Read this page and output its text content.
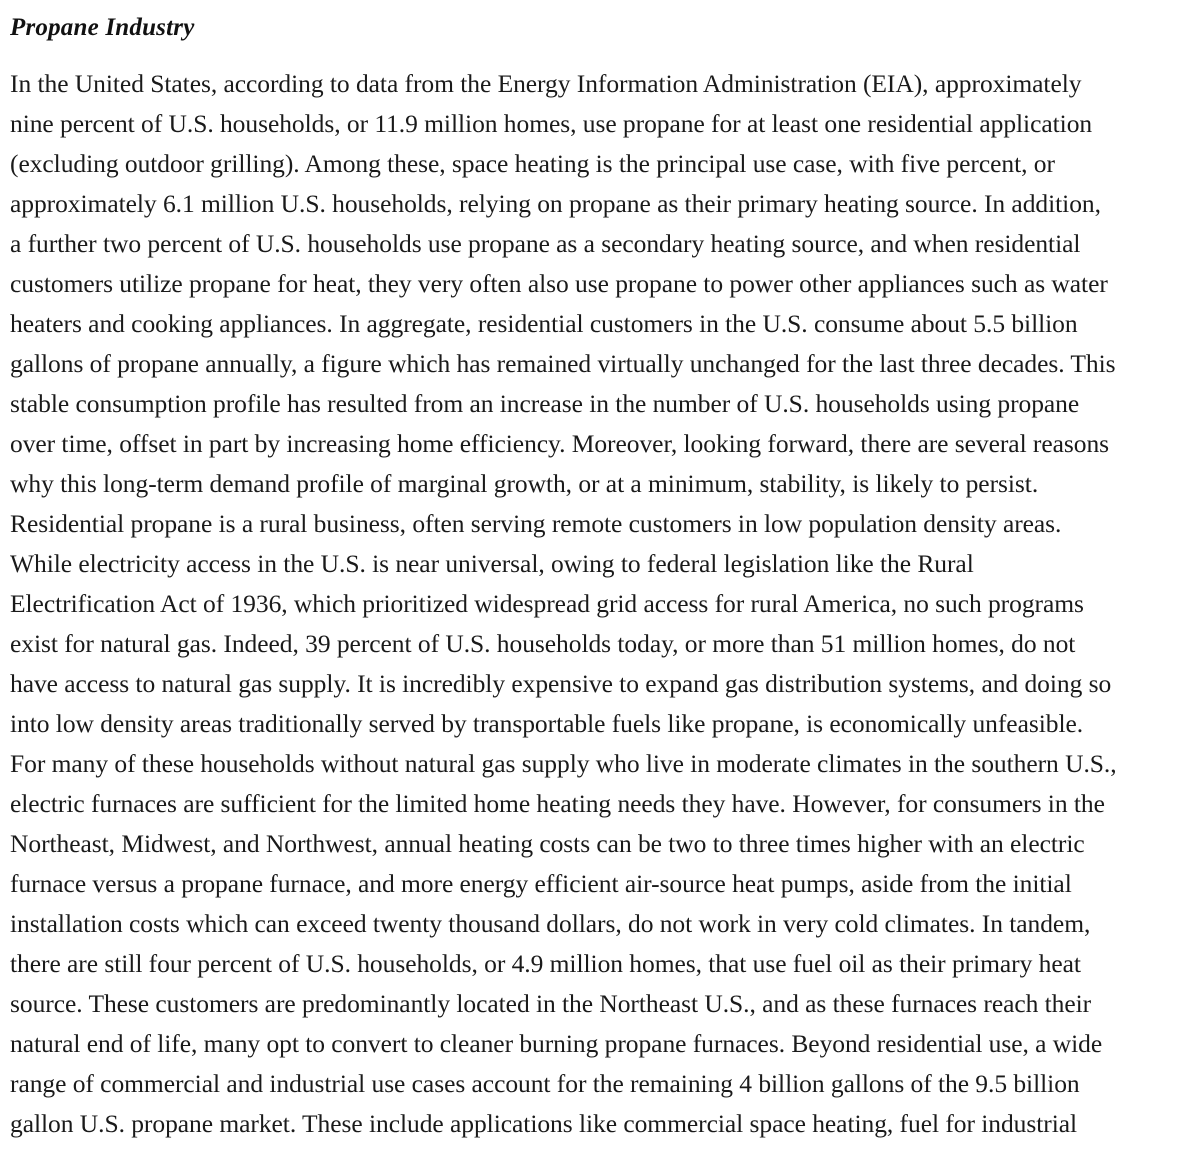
Propane Industry
In the United States, according to data from the Energy Information Administration (EIA), approximately
nine percent of U.S. households, or 11.9 million homes, use propane for at least one residential application
(excluding outdoor grilling). Among these, space heating is the principal use case, with five percent, or
approximately 6.1 million U.S. households, relying on propane as their primary heating source. In addition,
a further two percent of U.S. households use propane as a secondary heating source, and when residential
customers utilize propane for heat, they very often also use propane to power other appliances such as water
heaters and cooking appliances. In aggregate, residential customers in the U.S. consume about 5.5 billion
gallons of propane annually, a figure which has remained virtually unchanged for the last three decades. This
stable consumption profile has resulted from an increase in the number of U.S. households using propane
over time, offset in part by increasing home efficiency. Moreover, looking forward, there are several reasons
why this long-term demand profile of marginal growth, or at a minimum, stability, is likely to persist.
Residential propane is a rural business, often serving remote customers in low population density areas.
While electricity access in the U.S. is near universal, owing to federal legislation like the Rural
Electrification Act of 1936, which prioritized widespread grid access for rural America, no such programs
exist for natural gas. Indeed, 39 percent of U.S. households today, or more than 51 million homes, do not
have access to natural gas supply. It is incredibly expensive to expand gas distribution systems, and doing so
into low density areas traditionally served by transportable fuels like propane, is economically unfeasible.
For many of these households without natural gas supply who live in moderate climates in the southern U.S.,
electric furnaces are sufficient for the limited home heating needs they have. However, for consumers in the
Northeast, Midwest, and Northwest, annual heating costs can be two to three times higher with an electric
furnace versus a propane furnace, and more energy efficient air-source heat pumps, aside from the initial
installation costs which can exceed twenty thousand dollars, do not work in very cold climates. In tandem,
there are still four percent of U.S. households, or 4.9 million homes, that use fuel oil as their primary heat
source. These customers are predominantly located in the Northeast U.S., and as these furnaces reach their
natural end of life, many opt to convert to cleaner burning propane furnaces. Beyond residential use, a wide
range of commercial and industrial use cases account for the remaining 4 billion gallons of the 9.5 billion
gallon U.S. propane market. These include applications like commercial space heating, fuel for industrial
